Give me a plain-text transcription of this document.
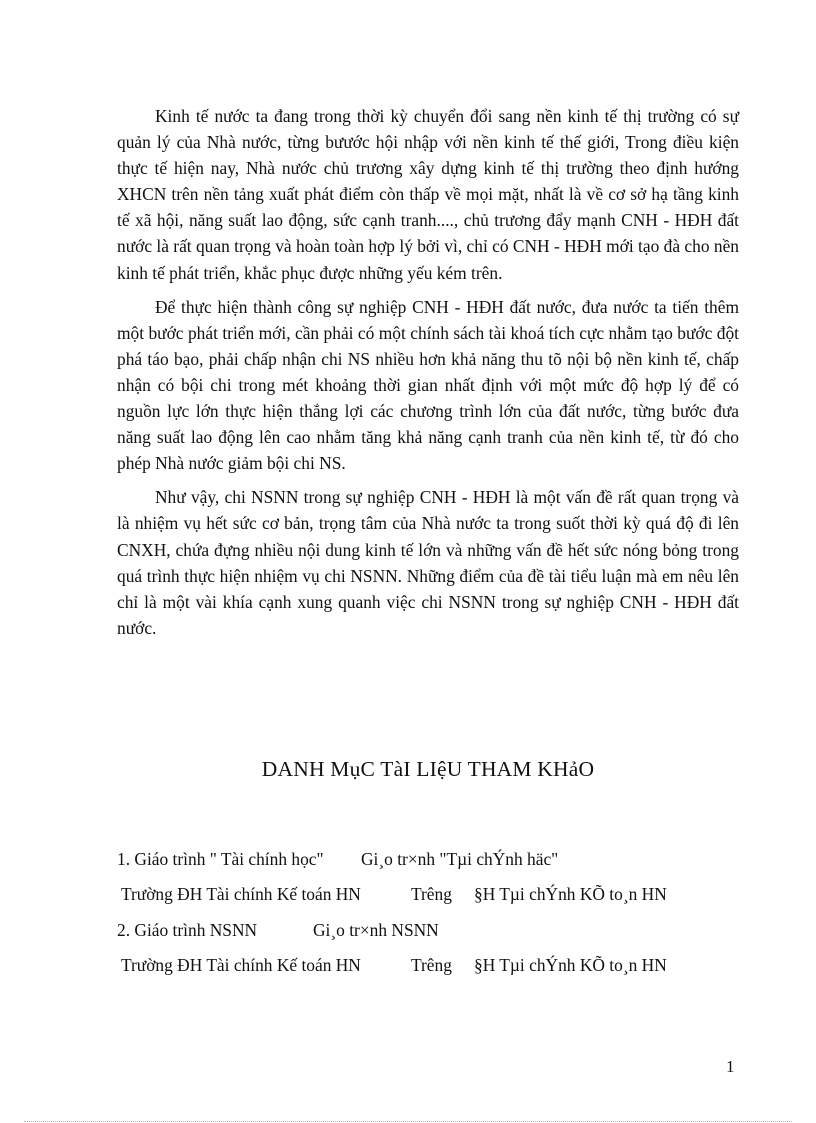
Kinh tế nước ta đang trong thời kỳ chuyển đổi sang nền kinh tế thị trường có sự quản lý của Nhà nước, từng bưước hội nhập với nền kinh tế thế giới, Trong điều kiện thực tế hiện nay, Nhà nước chủ trương xây dựng kinh tế thị trường theo định hướng XHCN trên nền tảng xuất phát điểm còn thấp về mọi mặt, nhất là về cơ sở hạ tầng kinh tế xã hội, năng suất lao động, sức cạnh tranh...., chủ trương đẩy mạnh CNH - HĐH đất nước là rất quan trọng và hoàn toàn hợp lý bởi vì, chỉ có CNH - HĐH mới tạo đà cho nền kinh tế phát triển, khắc phục được những yếu kém trên.

Để thực hiện thành công sự nghiệp CNH - HĐH đất nước, đưa nước ta tiến thêm một bước phát triển mới, cần phải có một chính sách tài khoá tích cực nhằm tạo bước đột phá táo bạo, phải chấp nhận chi NS nhiều hơn khả năng thu tõ nội bộ nền kinh tế, chấp nhận có bội chi trong mét khoảng thời gian nhất định với một mức độ hợp lý để có nguồn lực lớn thực hiện thắng lợi các chương trình lớn của đất nước, từng bước đưa năng suất lao động lên cao nhằm tăng khả năng cạnh tranh của nền kinh tế, từ đó cho phép Nhà nước giảm bội chi NS.

Như vậy, chi NSNN trong sự nghiệp CNH - HĐH là một vấn đề rất quan trọng và là nhiệm vụ hết sức cơ bản, trọng tâm của Nhà nước ta trong suốt thời kỳ quá độ đi lên CNXH, chứa đựng nhiều nội dung kinh tế lớn và những vấn đề hết sức nóng bỏng trong quá trình thực hiện nhiệm vụ chi NSNN. Những điểm của đề tài tiểu luận mà em nêu lên chỉ là một vài khía cạnh xung quanh việc chi NSNN trong sự nghiệp CNH - HĐH đất nước.

DANH MụC TàI LIệU THAM KHảO
1. Giáo trình " Tài chính học" Gi¸o tr×nh "Tµi chÝnh häc"
Trường ĐH Tài chính Kế toán HN	Trêng §H Tµi chÝnh KÕ to¸n HN
2. Giáo trình NSNN	Gi¸o tr×nh NSNN
Trường ĐH Tài chính Kế toán HN	Trêng §H Tµi chÝnh KÕ to¸n HN
1
